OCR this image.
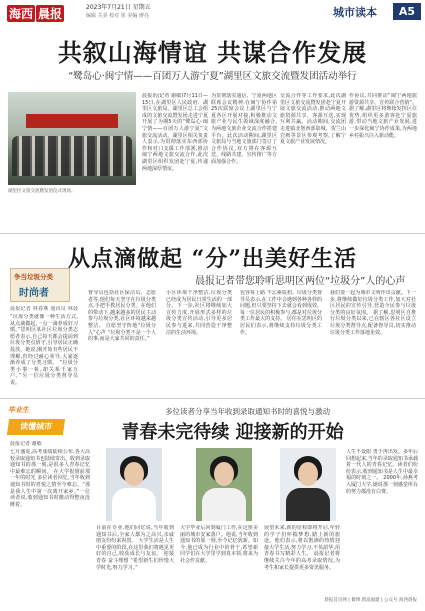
海西 晨报	2023年7月21日 星期五
编辑 关美 校对 崔 美编 廖亮	城市读本	A5
共叙山海情谊 共谋合作发展
“鹭岛心·闽宁情——百团万人游宁夏”湖里区文旅交流暨发团活动举行
湖里区文旅交流暨发团仪式现场。
晨报讯(记者 谢敏)7月11日—15日,在湖里区人民政府、湖里区文旅局、湖里区总工会组成的文旅交流暨发团走进宁夏开展了为期5天的“鹭岛心·闽宁情——百团万人游宁夏”文旅交流活动。湖里区相关负责人表示,为贯彻落实东西部协作和对口支援工作部署,推动闽宁两地文旅交流合作,此次湖里区组织发团赴宁夏,传递两地深厚情谊。
为贯彻落实通信、宁夏两地区联席会议精神,在闽宁协作第25次联席会议上湖里区与宁夏各区开展对接,积极推动文旅产业与民生领域深度融合,为两地文旅企业交流合作搭建平台。此次活动期间,湖里区文旅局与当地文旅部门签订了合作协议,双方将在客源互送、线路共建、宣传推广等方面加强合作。
交流合作等工作要求,此次湖里区文旅交流暨发团赴宁夏开展文旅交流活动,推动两地文旅资源共享、客源互送,实现互利共赢。活动期间,交流团走进镇北堡西部影城、贺兰山岩画等景区参观考察,了解宁夏文旅产业发展情况。
作协议,共同推动“闽宁两地旅游资源共享、宣传联合营销”。据了解,湖里区将继续发挥区位优势,组织更多游客赴宁夏旅游,带动当地文旅产业发展,进一步深化闽宁协作成果,为两地乡村振兴注入新动能。
争当垃圾分类
时尚者
从点滴做起 “分”出美好生活
晨报记者带您聆听思明区两位“垃圾分”人的心声
晨报记者 林春燕 通讯员 林晨
“垃圾分类就像一种生活方式,从点滴做起,一点一滴养成好习惯。”思明区某社区垃圾分类志愿者表示,自己每天都会提前到垃圾分类点值守,引导居民正确投放。她说,刚开始有些居民不理解,但经过耐心劝导,大家逐渐养成了分类习惯。 “垃圾分类小事一桩,却关系千家万户。”另一位垃圾分类督导员说。
督导员包括社区保洁员、志愿者等,他们每天坚守在垃圾分类点,手把手教居民分类。在他们的带动下,越来越多的居民主动参与垃圾分类,社区环境越来越整洁。 自愿坚守阵地“垃圾分人”心声 “垃圾分类不是一个人的事,而是大家共同的责任。”
小区环境干净整洁,垃圾分类已经成为居民日常生活的一部分。下一步,社区将继续加大宣传力度,开展形式多样的垃圾分类宣传活动,引导更多居民参与进来,共同营造干净整洁的生活环境。
包容每上路 不忘素质初。垃圾分类督导员表示,在工作中会遇到各种各样的问题,但只要坚持下去就会看到成效。每一位居民的积极参与,都是对垃圾分类工作最大的支持。 居住在思明区的居民们表示,将继续支持垃圾分类工作。
我们要一起为城市文明作出贡献。下一步,将继续做好垃圾分类工作,加大对社区居民的宣传引导,营造全民参与垃圾分类的良好氛围。 据了解,思明区自推行垃圾分类以来,已在辖区各社区设立垃圾分类督导点,配备督导员,切实推动垃圾分类工作落地见效。
毕业生
读懂城市
多位读者分享当年收到录取通知书时的喜悦与激动
青春未完待续 迎接新的开始
晨报记者 谢敏
七月盛夏,高考成绩陆续公布,各大高校录取通知书也陆续寄出。收到录取通知书的那一刻,是很多人青春记忆中最难忘的瞬间。 在大学报到前那一年的时光 多位读者回忆,当年收到通知书时的喜悦之情至今难忘。“那是我人生中第一次离开家乡。”一位读者说,收到通知书时激动得整夜没睡着。
目前在专业,他们回忆说,当年收到通知书后,全家人都为之高兴,亲戚朋友纷纷来祝贺。 大学生活是人生中重要的阶段,在这里我们将遇见更好的自己,收获成长与友谊。 迎接青春 奋斗理想 “希望新生们珍惜大学时光,努力学习。”
大学毕业后回到厦门工作,在这座美丽的城市安家落户。他说,当年收到通知书的那一刻,至今记忆犹新。如今,他已成为行业中的骨干,希望新同学们在大学里学到真本领,将来为社会作贡献。
展望未来,新的征程即将开启,年轻的学子们怀揣梦想,踏上新的旅途。他们表示,将以饱满的热情迎接大学生活,努力学习,不负韶华,用青春书写精彩人生。 晨报记者将继续关注今年的高考录取情况,为考生和家长提供更多资讯服务。
人生不设限 勇于再出发。多年后回想起来,当年的录取通知书承载着一代人的青春记忆。读者们纷纷表示,收到通知书是人生中最幸福的时刻之一。 2000年,孙燕考入厦门大学,她说那一刻感觉所有的努力都没有白费。
晨报首页网 | 微博 新浪福建 | 公众号 海西晨报
